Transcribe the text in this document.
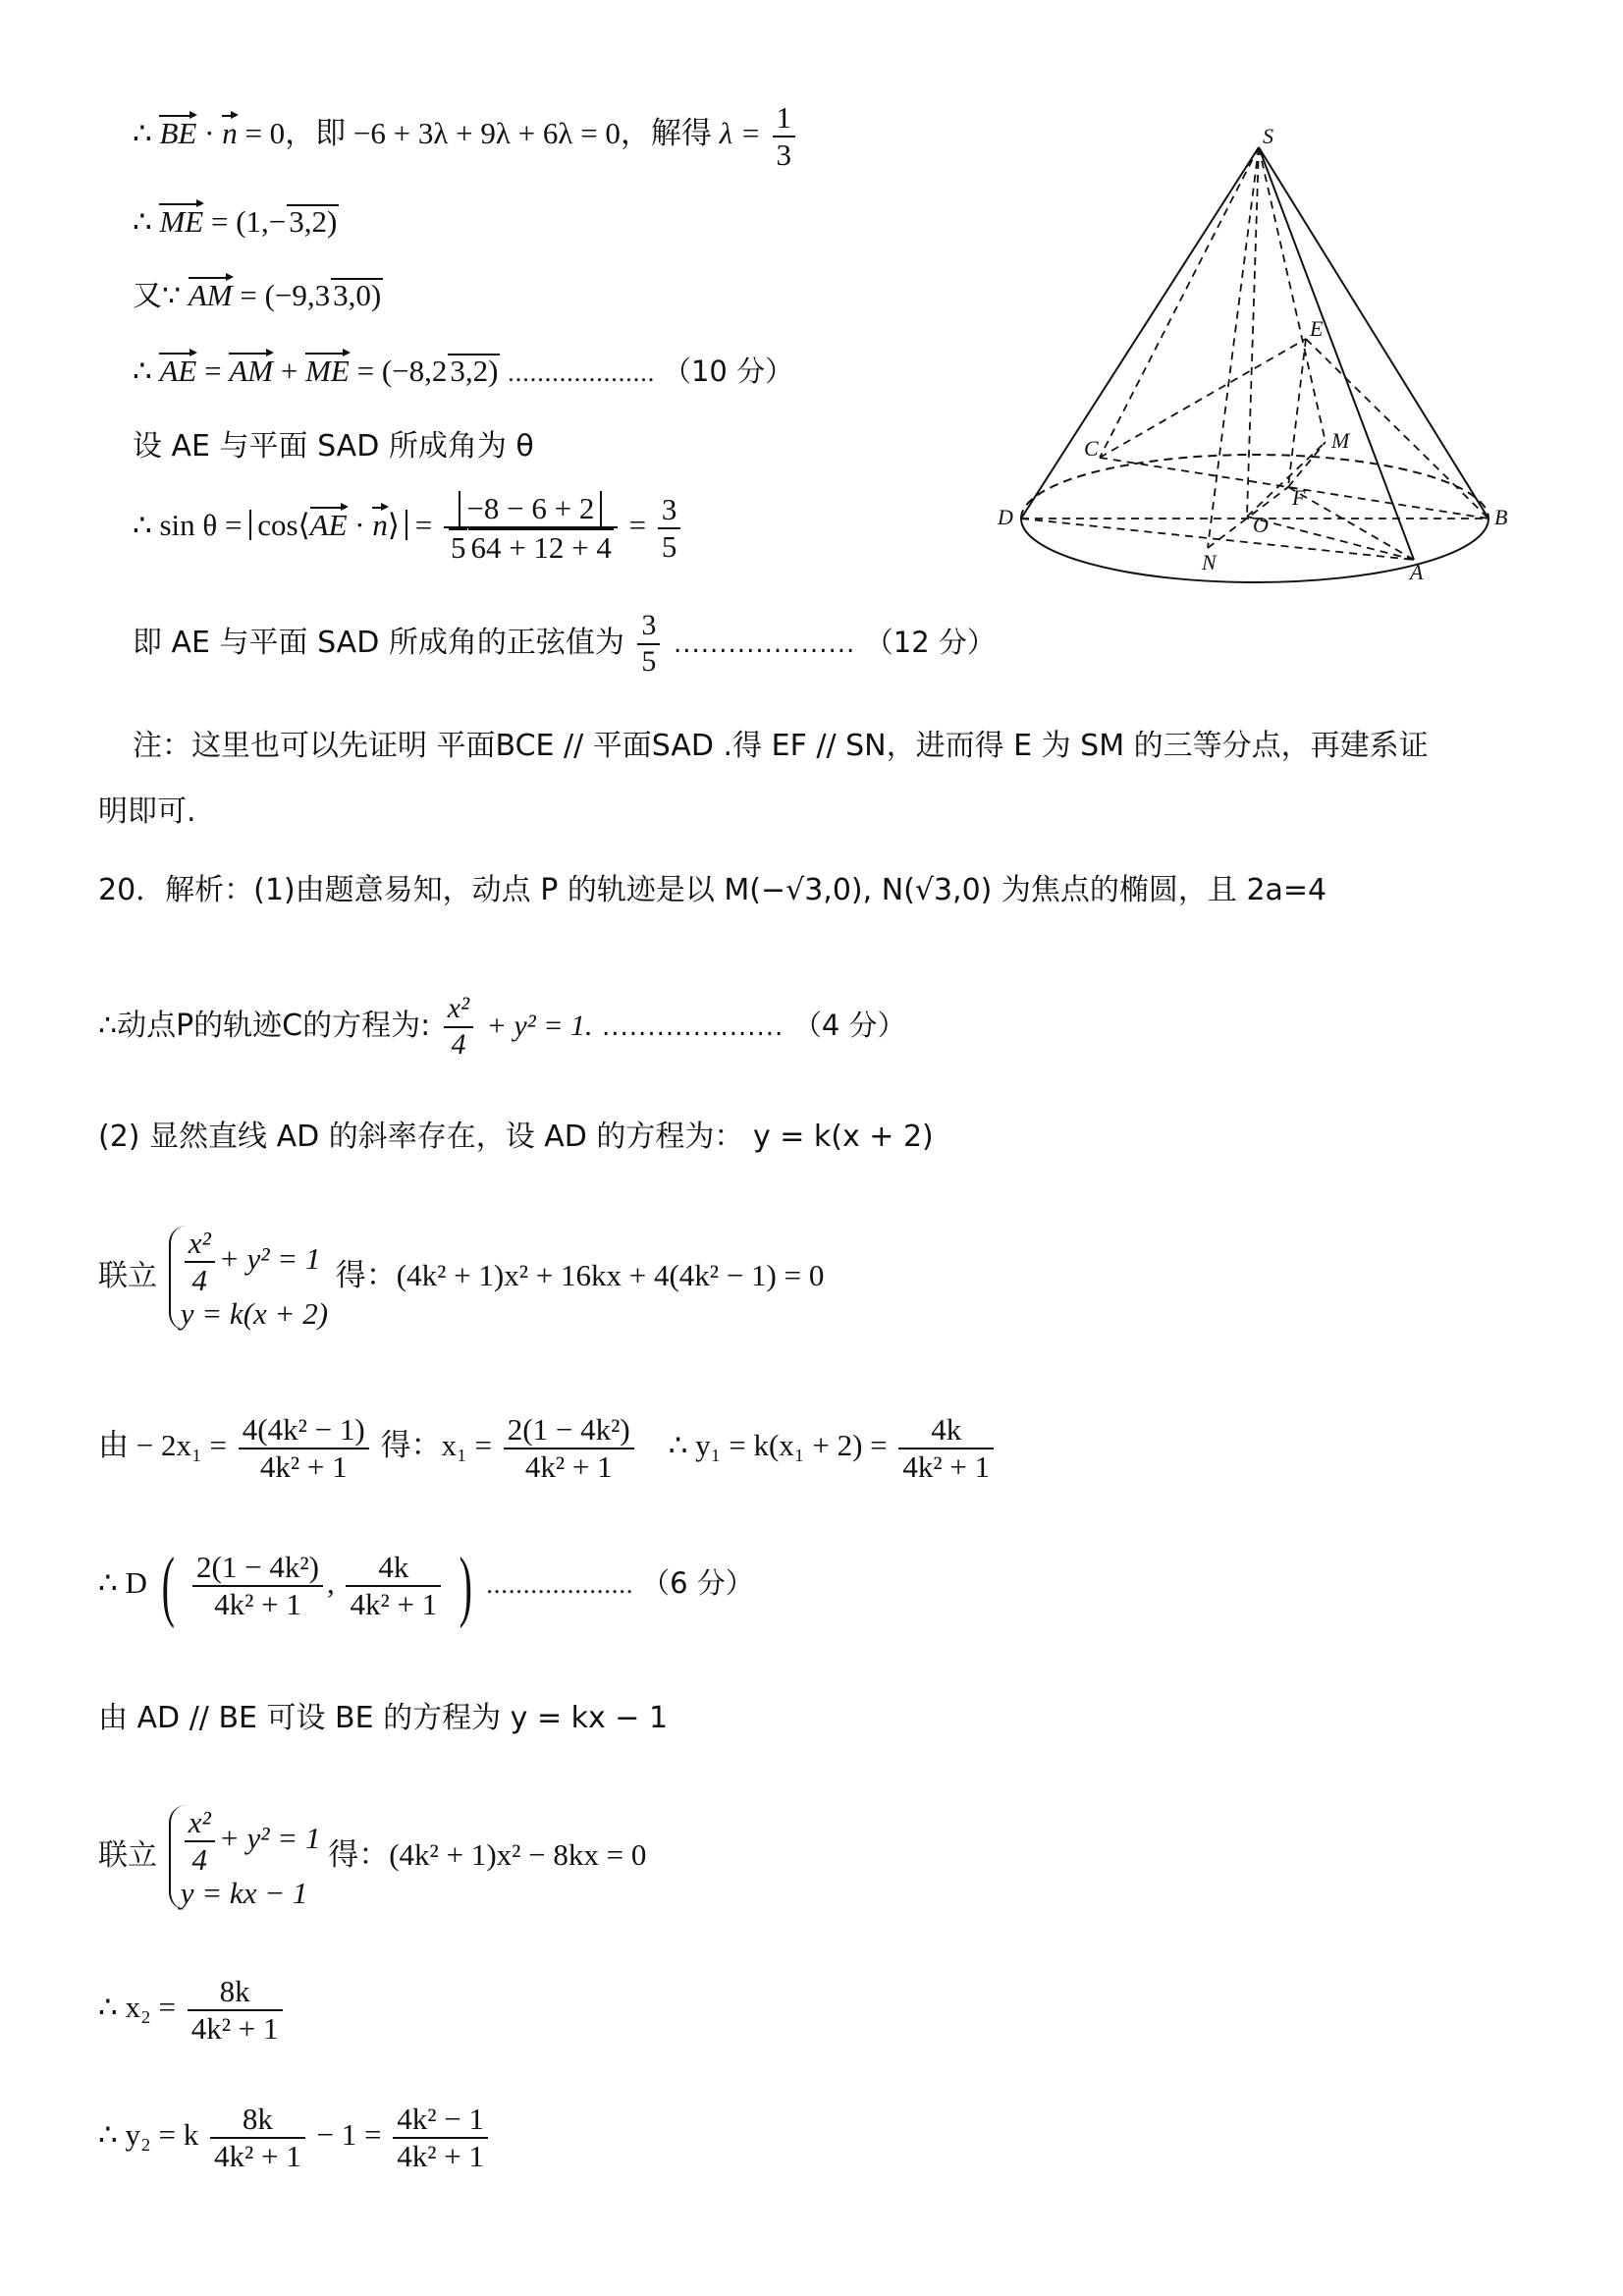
∴ BE · n = 0，即 −6 + 3λ + 9λ + 6λ = 0，解得 $\lambda = \frac{1}{3}$
∴ ME = (1,−3,2)
又∵ AM = (−9,33,0)
∴ AE = AM + ME = (−8,23,2) .................... （10 分）
设 AE 与平面 SAD 所成角为 θ
∴ sin θ = cos⟨AE · n⟩ = $\frac{-8 - 6 + 2}{5 64 + 12 + 4} = \frac{3}{5}$
即 AE 与平面 SAD 所成角的正弦值为 $\frac{3}{5}$ .................... （12 分）
注：这里也可以先证明 平面BCE // 平面SAD .得 EF // SN，进而得 E 为 SM 的三等分点，再建系证
明即可.
20．解析：(1)由题意易知，动点 P 的轨迹是以 M(−√3,0), N(√3,0) 为焦点的椭圆，且 2a=4
∴动点P的轨迹C的方程为: $\frac{\text{x²}}{4} + y^2 = 1$. .................... （4 分）
(2) 显然直线 AD 的斜率存在，设 AD 的方程为： y = k(x + 2)
联立 $\frac{\text{x²}}{4} + y^2 = 1$
y = k(x + 2)
得：(4k² + 1)x² + 16kx + 4(4k² − 1) = 0
由 − $2x_1 = \frac{\text{4(4k² − 1)}}{\text{4k² + 1}}$ 得：$x_1 = \frac{\text{2(1 − 4k²)}}{\text{4k² + 1}}$ ∴ $y_1 = k(x_1 + 2) = \frac{4k}{\text{4k² + 1}}$
∴ D ( $\frac{\text{2(1 − 4k²)}}{\text{4k² + 1}}$ , $\frac{4k}{\text{4k² + 1}}$ ) .................... （6 分）
由 AD // BE 可设 BE 的方程为 y = kx − 1
联立 $\frac{\text{x²}}{4} + y^2 = 1$
y = kx − 1
得：(4k² + 1)x² − 8kx = 0
∴ $x_2 = \frac{8k}{\text{4k² + 1}}$
∴ y₂ = k $\frac{8k}{\text{4k² + 1}} - 1 = \frac{\text{4k² − 1}}{\text{4k² + 1}}$
S
E
M
C
D
F
O	B
N	A
